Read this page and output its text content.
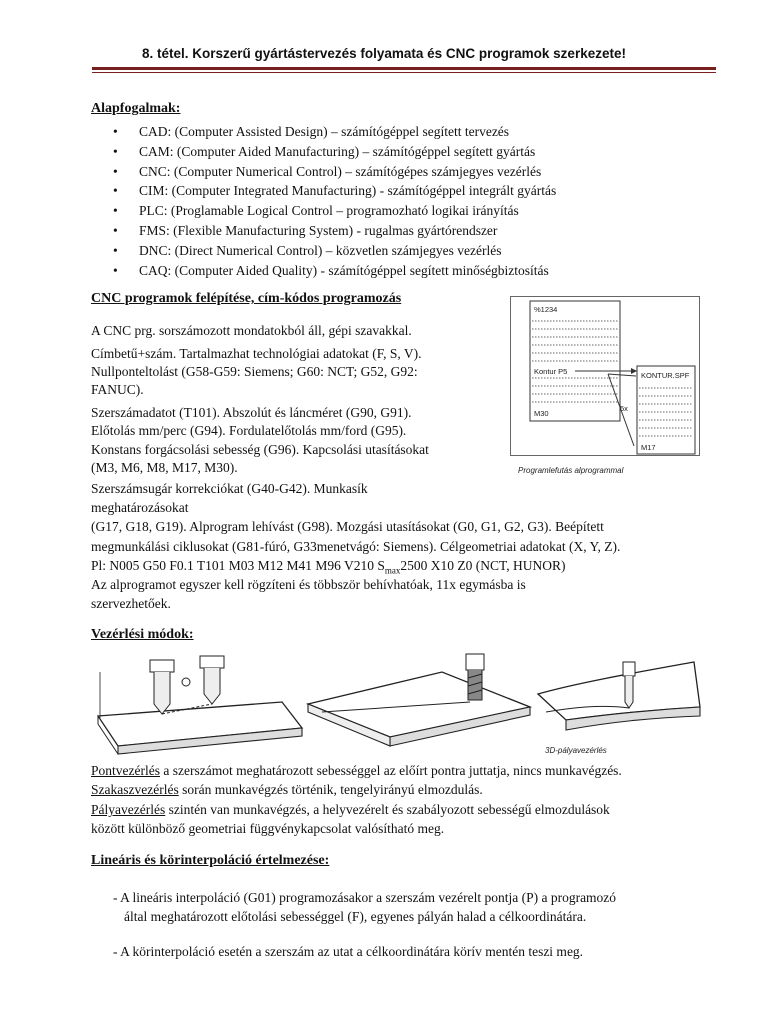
8. tétel. Korszerű gyártástervezés folyamata és CNC programok szerkezete!
Alapfogalmak:
• CAD: (Computer Assisted Design) – számítógéppel segített tervezés
• CAM: (Computer Aided Manufacturing) – számítógéppel segített gyártás
• CNC: (Computer Numerical Control) – számítógépes számjegyes vezérlés
• CIM: (Computer Integrated Manufacturing) - számítógéppel integrált gyártás
• PLC: (Proglamable Logical Control – programozható logikai irányítás
• FMS: (Flexible Manufacturing System) - rugalmas gyártórendszer
• DNC: (Direct Numerical Control) – közvetlen számjegyes vezérlés
• CAQ: (Computer Aided Quality) - számítógéppel segített minőségbiztosítás
CNC programok felépítése, cím-kódos programozás
A CNC prg. sorszámozott mondatokból áll, gépi szavakkal.
Címbetű+szám. Tartalmazhat technológiai adatokat (F, S, V).
Nullponteltolást (G58-G59: Siemens; G60: NCT; G52, G92:
FANUC).
Szerszámadatot (T101). Abszolút és láncméret (G90, G91).
Előtolás mm/perc (G94). Fordulatelőtolás mm/ford (G95).
Konstans forgácsolási sebesség (G96). Kapcsolási utasításokat
(M3, M6, M8, M17, M30).
Szerszámsugár korrekciókat (G40-G42). Munkasík
meghatározásokat
(G17, G18, G19). Alprogram lehívást (G98). Mozgási utasításokat (G0, G1, G2, G3). Beépített
megmunkálási ciklusokat (G81-fúró, G33menetvágó: Siemens). Célgeometriai adatokat (X, Y, Z).
Pl: N005 G50 F0.1 T101 M03 M12 M41 M96 V210 $S_{max}2500$ X10 Z0 (NCT, HUNOR)
Az alprogramot egyszer kell rögzíteni és többször behívhatóak, 11x egymásba is
szervezhetőek.
%1234
Kontur P5
M30
KONTUR.SPF
M17
5x
Programlefutás alprogrammal
Vezérlési módok:
3D-pályavezérlés
Pontvezérlés a szerszámot meghatározott sebességgel az előírt pontra juttatja, nincs munkavégzés.
Szakaszvezérlés során munkavégzés történik, tengelyirányú elmozdulás.
Pályavezérlés szintén van munkavégzés, a helyvezérelt és szabályozott sebességű elmozdulások
között különböző geometriai függvénykapcsolat valósítható meg.
Lineáris és körinterpoláció értelmezése:
- A lineáris interpoláció (G01) programozásakor a szerszám vezérelt pontja (P) a programozó
által meghatározott előtolási sebességgel (F), egyenes pályán halad a célkoordinátára.
- A körinterpoláció esetén a szerszám az utat a célkoordinátára körív mentén teszi meg.
